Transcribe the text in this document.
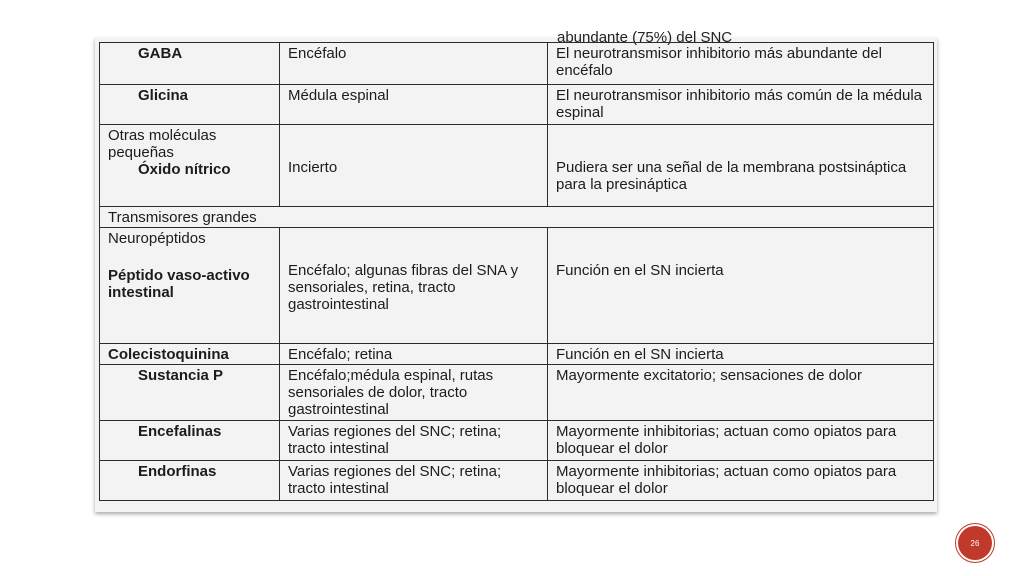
abundante (75%) del SNC
GABA	Encéfalo	El neurotransmisor inhibitorio más abundante del encéfalo

Glicina	Médula espinal	El neurotransmisor inhibitorio más común de la médula espinal

Otras moléculas pequeñas
Óxido nítrico	Incierto	Pudiera ser una señal de la membrana postsináptica para la presináptica
Transmisores grandes		

Neuropéptidos
Péptido vaso-activo intestinal	Encéfalo; algunas fibras del SNA y sensoriales, retina, tracto gastrointestinal	Función en el SN incierta

Colecistoquinina	Encéfalo; retina	Función en el SN incierta

Sustancia P	Encéfalo;médula espinal, rutas sensoriales de dolor, tracto gastrointestinal	Mayormente excitatorio; sensaciones de dolor

Encefalinas	Varias regiones del SNC; retina; tracto intestinal	Mayormente inhibitorias; actuan como opiatos para bloquear el dolor

Endorfinas	Varias regiones del SNC; retina; tracto intestinal	Mayormente inhibitorias; actuan como opiatos para bloquear el dolor
26
